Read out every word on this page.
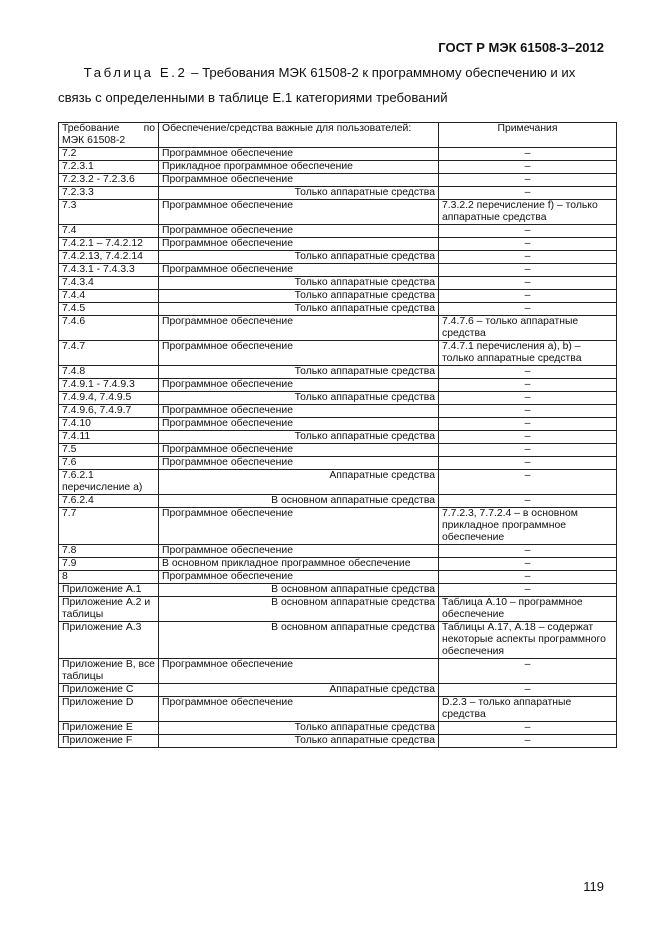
ГОСТ Р МЭК 61508-3–2012
Таблица Е.2 – Требования МЭК 61508-2 к программному обеспечению и их связь с определенными в таблице Е.1 категориями требований
Требование по
МЭК 61508-2	Обеспечение/средства важные для пользователей:	Примечания
7.2	Программное обеспечение	–
7.2.3.1	Прикладное программное обеспечение	–
7.2.3.2 - 7.2.3.6	Программное обеспечение	–
7.2.3.3	Только аппаратные средства	–
7.3	Программное обеспечение	7.3.2.2 перечисление f) – только аппаратные средства
7.4	Программное обеспечение	–
7.4.2.1 – 7.4.2.12	Программное обеспечение	–
7.4.2.13, 7.4.2.14	Только аппаратные средства	–
7.4.3.1 - 7.4.3.3	Программное обеспечение	–
7.4.3.4	Только аппаратные средства	–
7.4.4	Только аппаратные средства	–
7.4.5	Только аппаратные средства	–
7.4.6	Программное обеспечение	7.4.7.6 – только аппаратные средства
7.4.7	Программное обеспечение	7.4.7.1 перечисления а), b) – только аппаратные средства
7.4.8	Только аппаратные средства	–
7.4.9.1 - 7.4.9.3	Программное обеспечение	–
7.4.9.4, 7.4.9.5	Только аппаратные средства	–
7.4.9.6, 7.4.9.7	Программное обеспечение	–
7.4.10	Программное обеспечение	–
7.4.11	Только аппаратные средства	–
7.5	Программное обеспечение	–
7.6	Программное обеспечение	–
7.6.2.1 перечисление а)	Аппаратные средства	–
7.6.2.4	В основном аппаратные средства	–
7.7	Программное обеспечение	7.7.2.3, 7.7.2.4 – в основном прикладное программное обеспечение
7.8	Программное обеспечение	–
7.9	В основном прикладное программное обеспечение	–
8	Программное обеспечение	–
Приложение А.1	В основном аппаратные средства	–
Приложение А.2 и таблицы	В основном аппаратные средства	Таблица А.10 – программное обеспечение
Приложение А.3	В основном аппаратные средства	Таблицы А.17, А.18 – содержат некоторые аспекты программного обеспечения
Приложение В, все таблицы	Программное обеспечение	–
Приложение С	Аппаратные средства	–
Приложение D	Программное обеспечение	D.2.3 – только аппаратные средства
Приложение Е	Только аппаратные средства	–
Приложение F	Только аппаратные средства	–
119
